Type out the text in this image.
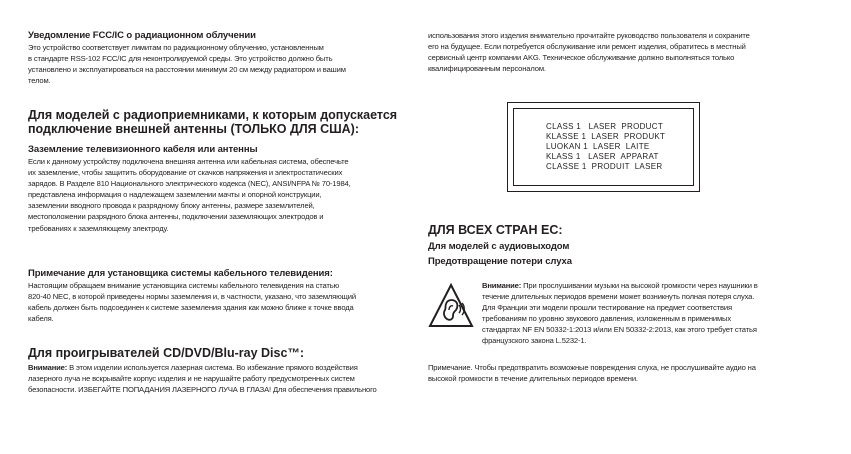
Уведомление FCC/IC о радиационном облучении
Это устройство соответствует лимитам по радиационному облучению, установленным
в стандарте RSS-102 FCC/IC для неконтролируемой среды. Это устройство должно быть
установлено и эксплуатироваться на расстоянии минимум 20 см между радиатором и вашим
телом.
Для моделей с радиоприемниками, к которым допускается
подключение внешней антенны (ТОЛЬКО ДЛЯ США):
Заземление телевизионного кабеля или антенны
Если к данному устройству подключена внешняя антенна или кабельная система, обеспечьте
их заземление, чтобы защитить оборудование от скачков напряжения и электростатических
зарядов. В Разделе 810 Национального электрического кодекса (NEC), ANSI/NFPA № 70-1984,
представлена информация о надлежащем заземлении мачты и опорной конструкции,
заземлении вводного провода к разрядному блоку антенны, размере заземлителей,
местоположении разрядного блока антенны, подключении заземляющих электродов и
требованиях к заземляющему электроду.
Примечание для установщика системы кабельного телевидения:
Настоящим обращаем внимание установщика системы кабельного телевидения на статью
820-40 NEC, в которой приведены нормы заземления и, в частности, указано, что заземляющий
кабель должен быть подсоединен к системе заземления здания как можно ближе к точке ввода
кабеля.
Для проигрывателей CD/DVD/Blu-ray Disc™:
Внимание: В этом изделии используется лазерная система. Во избежание прямого воздействия
лазерного луча не вскрывайте корпус изделия и не нарушайте работу предусмотренных систем
безопасности. ИЗБЕГАЙТЕ ПОПАДАНИЯ ЛАЗЕРНОГО ЛУЧА В ГЛАЗА! Для обеспечения правильного
использования этого изделия внимательно прочитайте руководство пользователя и сохраните
его на будущее. Если потребуется обслуживание или ремонт изделия, обратитесь в местный
сервисный центр компании AKG. Техническое обслуживание должно выполняться только
квалифицированным персоналом.
CLASS 1   LASER  PRODUCT
KLASSE 1  LASER  PRODUKT
LUOKAN 1  LASER  LAITE
KLASS 1   LASER  APPARAT
CLASSE 1  PRODUIT  LASER
ДЛЯ ВСЕХ СТРАН ЕС:
Для моделей с аудиовыходом
Предотвращение потери слуха
Внимание: При прослушивании музыки на высокой громкости через наушники в
течение длительных периодов времени может возникнуть полная потеря слуха.
Для Франции эти модели прошли тестирование на предмет соответствия
требованиям по уровню звукового давления, изложенным в применимых
стандартах NF EN 50332-1:2013 и/или EN 50332-2:2013, как этого требует статья
французского закона L.5232-1.
Примечание. Чтобы предотвратить возможные повреждения слуха, не прослушивайте аудио на
высокой громкости в течение длительных периодов времени.
